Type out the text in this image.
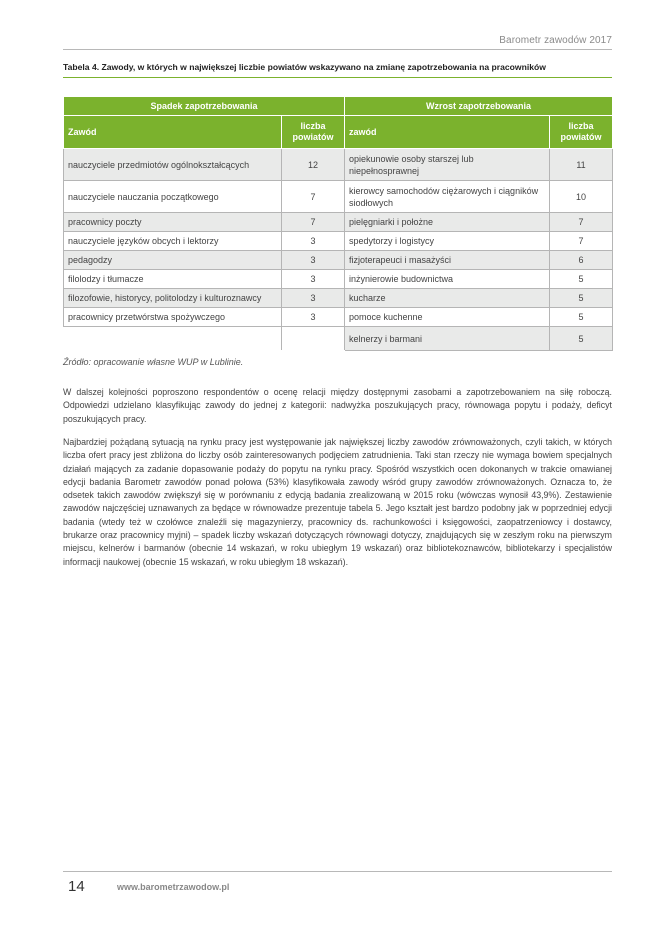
Barometr zawodów 2017
Tabela 4. Zawody, w których w największej liczbie powiatów wskazywano na zmianę zapotrzebowania na pracowników
Spadek zapotrzebowania		Wzrost zapotrzebowania	
Zawód	liczba powiatów	zawód	liczba powiatów
nauczyciele przedmiotów ogólnokształcących	12	opiekunowie osoby starszej lub niepełnosprawnej	11
nauczyciele nauczania początkowego	7	kierowcy samochodów ciężarowych i ciągników siodłowych	10
pracownicy poczty	7	pielęgniarki i położne	7
nauczyciele języków obcych i lektorzy	3	spedytorzy i logistycy	7
pedagodzy	3	fizjoterapeuci i masażyści	6
filolodzy i tłumacze	3	inżynierowie budownictwa	5
filozofowie, historycy, politolodzy i kulturoznawcy	3	kucharze	5
pracownicy przetwórstwa spożywczego	3	pomoce kuchenne	5
		kelnerzy i barmani	5
Źródło: opracowanie własne WUP w Lublinie.
W dalszej kolejności poproszono respondentów o ocenę relacji między dostępnymi zasobami a zapotrzebowaniem na siłę roboczą. Odpowiedzi udzielano klasyfikując zawody do jednej z kategorii: nadwyżka poszukujących pracy, równowaga popytu i podaży, deficyt poszukujących pracy.
Najbardziej pożądaną sytuacją na rynku pracy jest występowanie jak największej liczby zawodów zrównoważonych, czyli takich, w których liczba ofert pracy jest zbliżona do liczby osób zainteresowanych podjęciem zatrudnienia. Taki stan rzeczy nie wymaga bowiem specjalnych działań mających za zadanie dopasowanie podaży do popytu na rynku pracy. Spośród wszystkich ocen dokonanych w trakcie omawianej edycji badania Barometr zawodów ponad połowa (53%) klasyfikowała zawody wśród grupy zawodów zrównoważonych. Oznacza to, że odsetek takich zawodów zwiększył się w porównaniu z edycją badania zrealizowaną w 2015 roku (wówczas wynosił 43,9%). Zestawienie zawodów najczęściej uznawanych za będące w równowadze prezentuje tabela 5. Jego kształt jest bardzo podobny jak w poprzedniej edycji badania (wtedy też w czołówce znaleźli się magazynierzy, pracownicy ds. rachunkowości i księgowości, zaopatrzeniowcy i dostawcy, brukarze oraz pracownicy myjni) – spadek liczby wskazań dotyczących równowagi dotyczy, znajdujących się w zeszłym roku na pierwszym miejscu, kelnerów i barmanów (obecnie 14 wskazań, w roku ubiegłym 19 wskazań) oraz bibliotekoznawców, bibliotekarzy i specjalistów informacji naukowej (obecnie 15 wskazań, w roku ubiegłym 18 wskazań).
14	www.barometrzawodow.pl
